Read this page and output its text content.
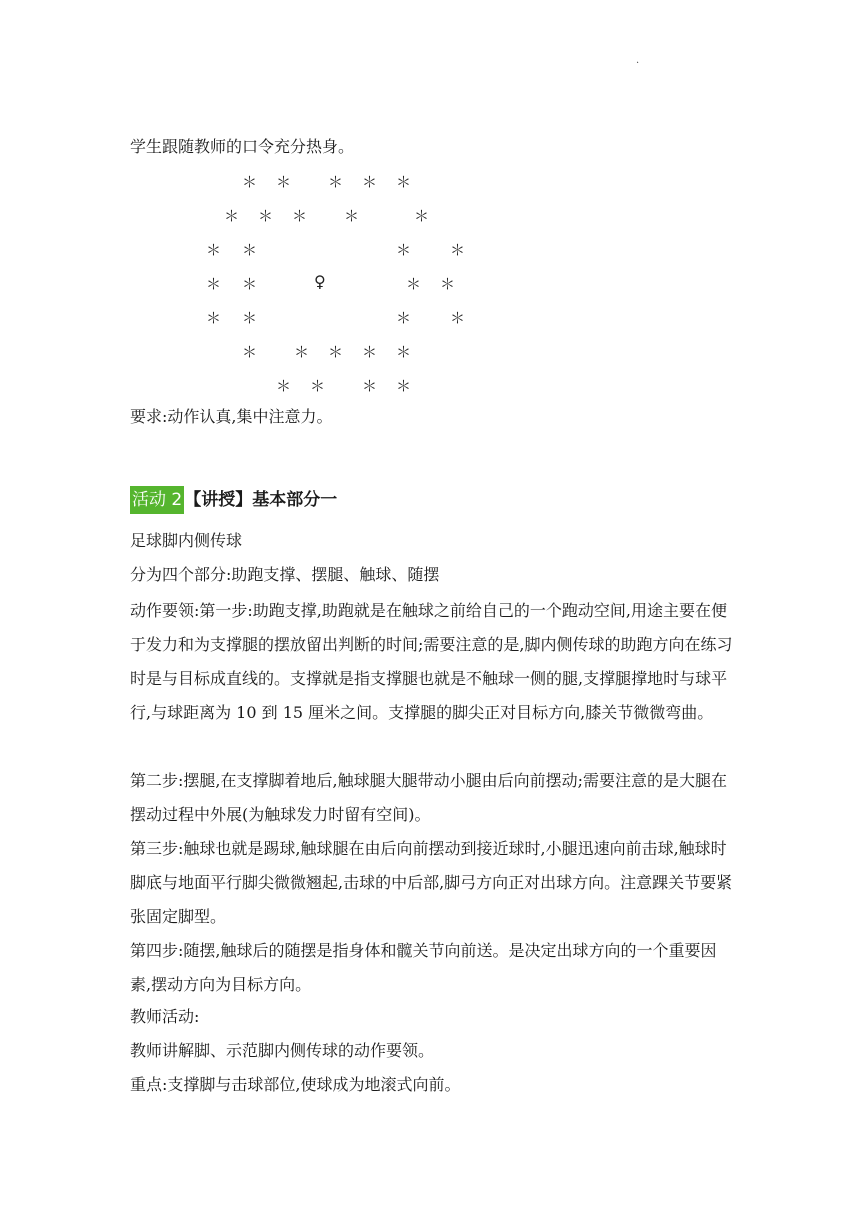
·

学生跟随教师的口令充分热身。

＊ ＊ ＊ ＊ ＊
＊ ＊ ＊ ＊	＊
＊ ＊	＊	＊
＊ ＊	♀	＊ ＊
＊ ＊	＊	＊
＊ ＊ ＊ ＊ ＊
＊ ＊ ＊ ＊

要求:动作认真,集中注意力。

活动 2 【讲授】基本部分一

足球脚内侧传球

分为四个部分:助跑支撑、摆腿、触球、随摆

动作要领:第一步:助跑支撑,助跑就是在触球之前给自己的一个跑动空间,用途主要在便于发力和为支撑腿的摆放留出判断的时间;需要注意的是,脚内侧传球的助跑方向在练习时是与目标成直线的。支撑就是指支撑腿也就是不触球一侧的腿,支撑腿撑地时与球平行,与球距离为 10 到 15 厘米之间。支撑腿的脚尖正对目标方向,膝关节微微弯曲。

第二步:摆腿,在支撑脚着地后,触球腿大腿带动小腿由后向前摆动;需要注意的是大腿在摆动过程中外展(为触球发力时留有空间)。

第三步:触球也就是踢球,触球腿在由后向前摆动到接近球时,小腿迅速向前击球,触球时脚底与地面平行脚尖微微翘起,击球的中后部,脚弓方向正对出球方向。注意踝关节要紧张固定脚型。

第四步:随摆,触球后的随摆是指身体和髋关节向前送。是决定出球方向的一个重要因素,摆动方向为目标方向。

教师活动:

教师讲解脚、示范脚内侧传球的动作要领。

重点:支撑脚与击球部位,使球成为地滚式向前。
